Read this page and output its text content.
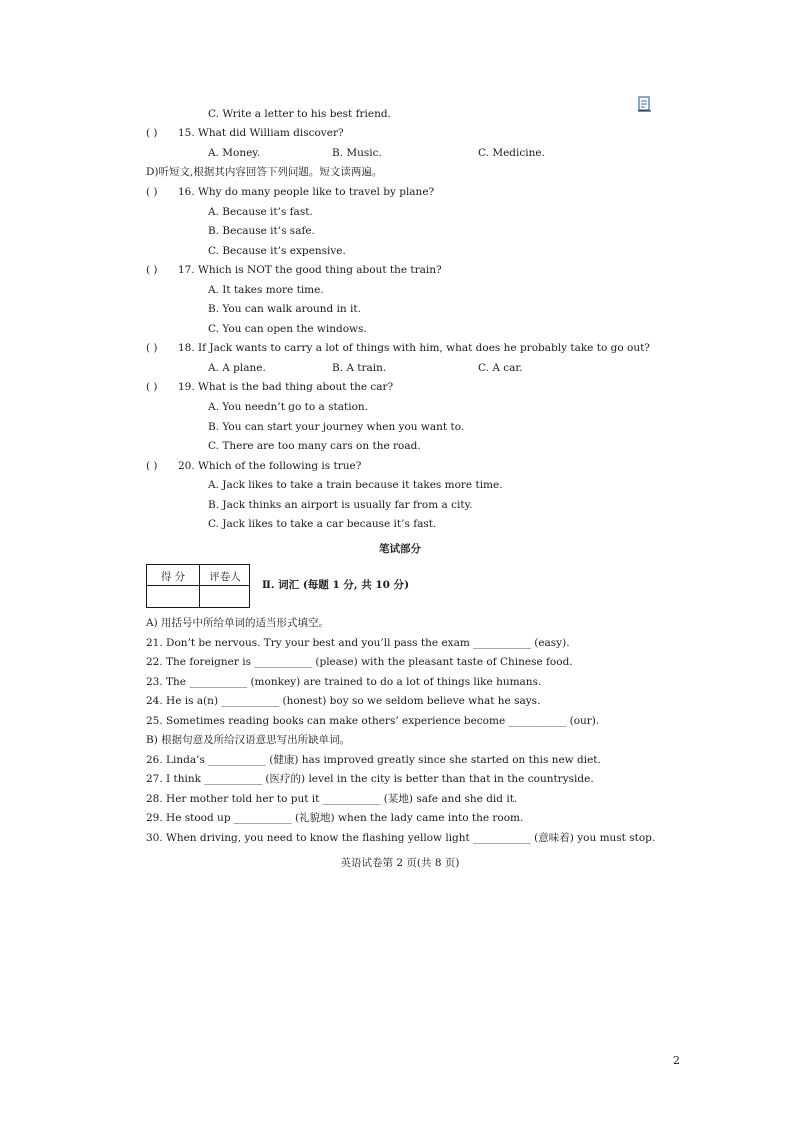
C. Write a letter to his best friend.
( ) 15. What did William discover?
A. Money.	B. Music.	C. Medicine.
D)听短文,根据其内容回答下列问题。短文读两遍。
( ) 16. Why do many people like to travel by plane?
A. Because it’s fast.
B. Because it’s safe.
C. Because it’s expensive.
( ) 17. Which is NOT the good thing about the train?
A. It takes more time.
B. You can walk around in it.
C. You can open the windows.
( ) 18. If Jack wants to carry a lot of things with him, what does he probably take to go out?
A. A plane.	B. A train.	C. A car.
( ) 19. What is the bad thing about the car?
A. You needn’t go to a station.
B. You can start your journey when you want to.
C. There are too many cars on the road.
( ) 20. Which of the following is true?
A. Jack likes to take a train because it takes more time.
B. Jack thinks an airport is usually far from a city.
C. Jack likes to take a car because it’s fast.
笔试部分
得 分	评卷人
Ⅱ. 词汇 (每题 1 分, 共 10 分)
A) 用括号中所给单词的适当形式填空。
21. Don’t be nervous. Try your best and you’ll pass the exam ___________ (easy).
22. The foreigner is ___________ (please) with the pleasant taste of Chinese food.
23. The ___________ (monkey) are trained to do a lot of things like humans.
24. He is a(n) ___________ (honest) boy so we seldom believe what he says.
25. Sometimes reading books can make others’ experience become ___________ (our).
B) 根据句意及所给汉语意思写出所缺单词。
26. Linda’s ___________ (健康) has improved greatly since she started on this new diet.
27. I think ___________ (医疗的) level in the city is better than that in the countryside.
28. Her mother told her to put it ___________ (某地) safe and she did it.
29. He stood up ___________ (礼貌地) when the lady came into the room.
30. When driving, you need to know the flashing yellow light ___________ (意味着) you must stop.
英语试卷第 2 页(共 8 页)
2
